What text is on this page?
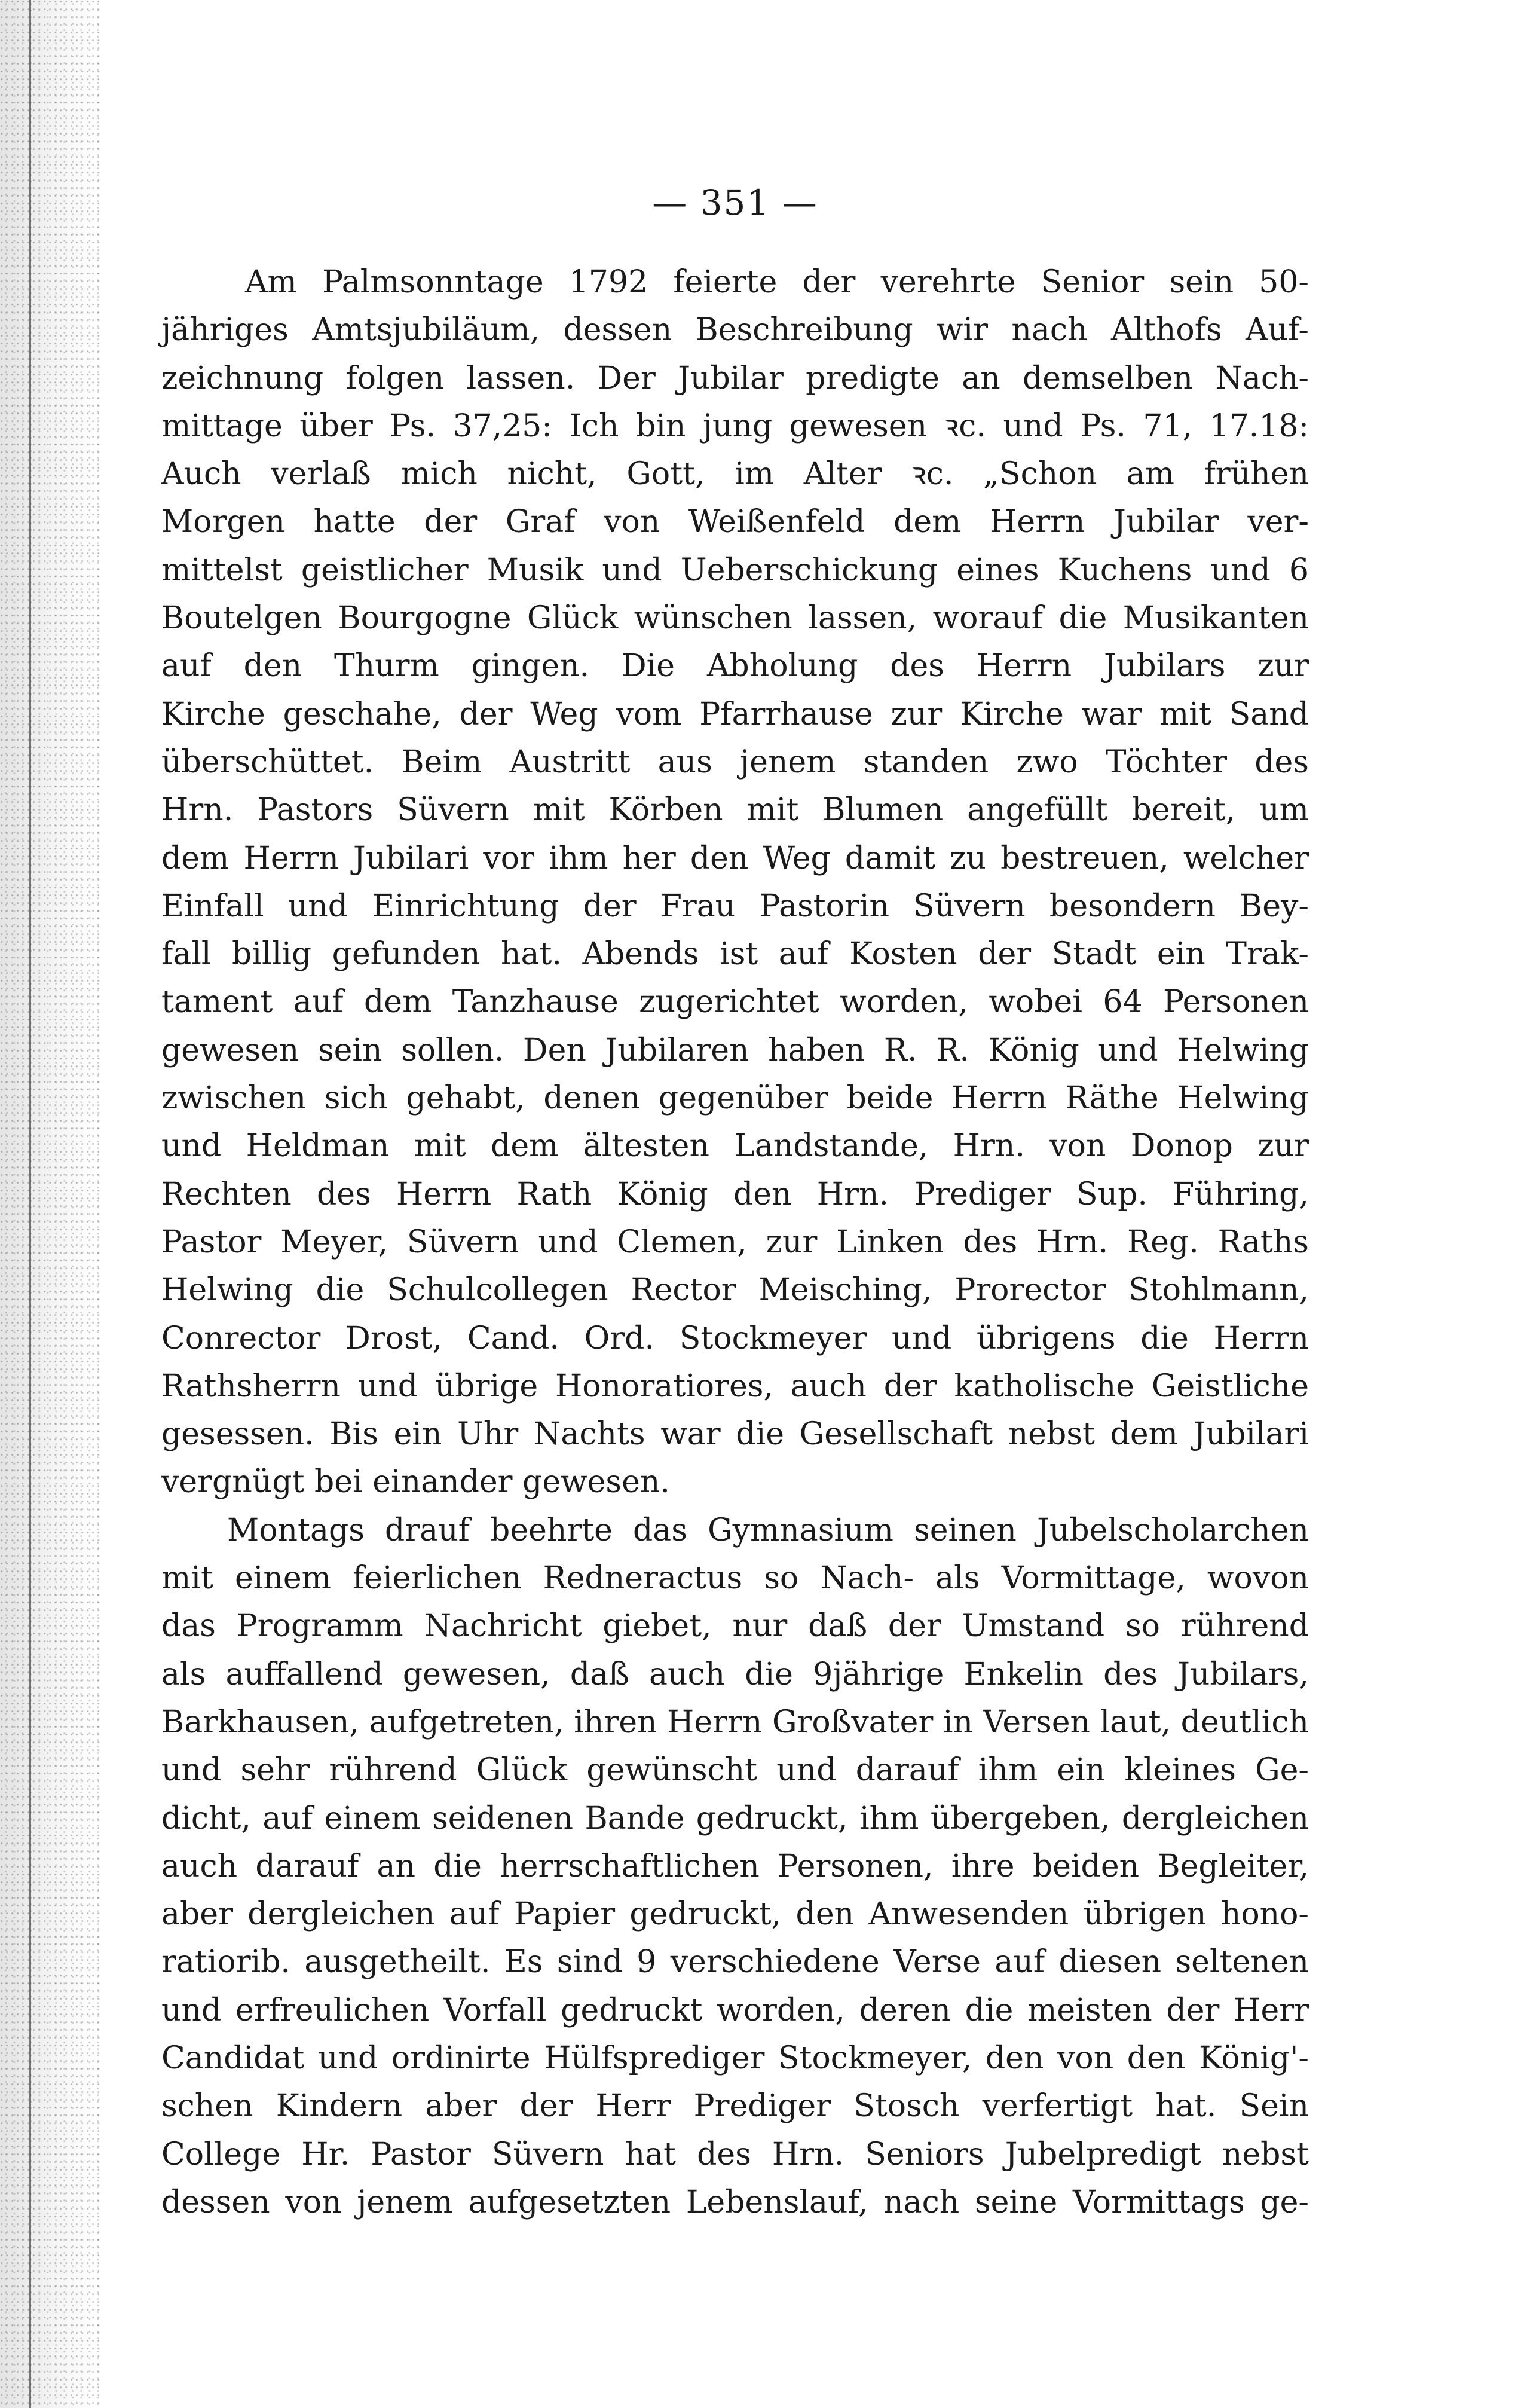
— 351 —
Am Palmsonntage 1792 feierte der verehrte Senior sein 50-
jähriges Amtsjubiläum, dessen Beschreibung wir nach Althofs Auf-
zeichnung folgen lassen. Der Jubilar predigte an demselben Nach-
mittage über Ps. 37,25: Ich bin jung gewesen ꝛc. und Ps. 71, 17.18:
Auch verlaß mich nicht, Gott, im Alter ꝛc. „Schon am frühen
Morgen hatte der Graf von Weißenfeld dem Herrn Jubilar ver-
mittelst geistlicher Musik und Ueberschickung eines Kuchens und 6
Boutelgen Bourgogne Glück wünschen lassen, worauf die Musikanten
auf den Thurm gingen. Die Abholung des Herrn Jubilars zur
Kirche geschahe, der Weg vom Pfarrhause zur Kirche war mit Sand
überschüttet. Beim Austritt aus jenem standen zwo Töchter des
Hrn. Pastors Süvern mit Körben mit Blumen angefüllt bereit, um
dem Herrn Jubilari vor ihm her den Weg damit zu bestreuen, welcher
Einfall und Einrichtung der Frau Pastorin Süvern besondern Bey-
fall billig gefunden hat. Abends ist auf Kosten der Stadt ein Trak-
tament auf dem Tanzhause zugerichtet worden, wobei 64 Personen
gewesen sein sollen. Den Jubilaren haben R. R. König und Helwing
zwischen sich gehabt, denen gegenüber beide Herrn Räthe Helwing
und Heldman mit dem ältesten Landstande, Hrn. von Donop zur
Rechten des Herrn Rath König den Hrn. Prediger Sup. Führing,
Pastor Meyer, Süvern und Clemen, zur Linken des Hrn. Reg. Raths
Helwing die Schulcollegen Rector Meisching, Prorector Stohlmann,
Conrector Drost, Cand. Ord. Stockmeyer und übrigens die Herrn
Rathsherrn und übrige Honoratiores, auch der katholische Geistliche
gesessen. Bis ein Uhr Nachts war die Gesellschaft nebst dem Jubilari
vergnügt bei einander gewesen.
Montags drauf beehrte das Gymnasium seinen Jubelscholarchen
mit einem feierlichen Redneractus so Nach- als Vormittage, wovon
das Programm Nachricht giebet, nur daß der Umstand so rührend
als auffallend gewesen, daß auch die 9jährige Enkelin des Jubilars,
Barkhausen, aufgetreten, ihren Herrn Großvater in Versen laut, deutlich
und sehr rührend Glück gewünscht und darauf ihm ein kleines Ge-
dicht, auf einem seidenen Bande gedruckt, ihm übergeben, dergleichen
auch darauf an die herrschaftlichen Personen, ihre beiden Begleiter,
aber dergleichen auf Papier gedruckt, den Anwesenden übrigen hono-
ratiorib. ausgetheilt. Es sind 9 verschiedene Verse auf diesen seltenen
und erfreulichen Vorfall gedruckt worden, deren die meisten der Herr
Candidat und ordinirte Hülfsprediger Stockmeyer, den von den König'-
schen Kindern aber der Herr Prediger Stosch verfertigt hat. Sein
College Hr. Pastor Süvern hat des Hrn. Seniors Jubelpredigt nebst
dessen von jenem aufgesetzten Lebenslauf, nach seine Vormittags ge-
